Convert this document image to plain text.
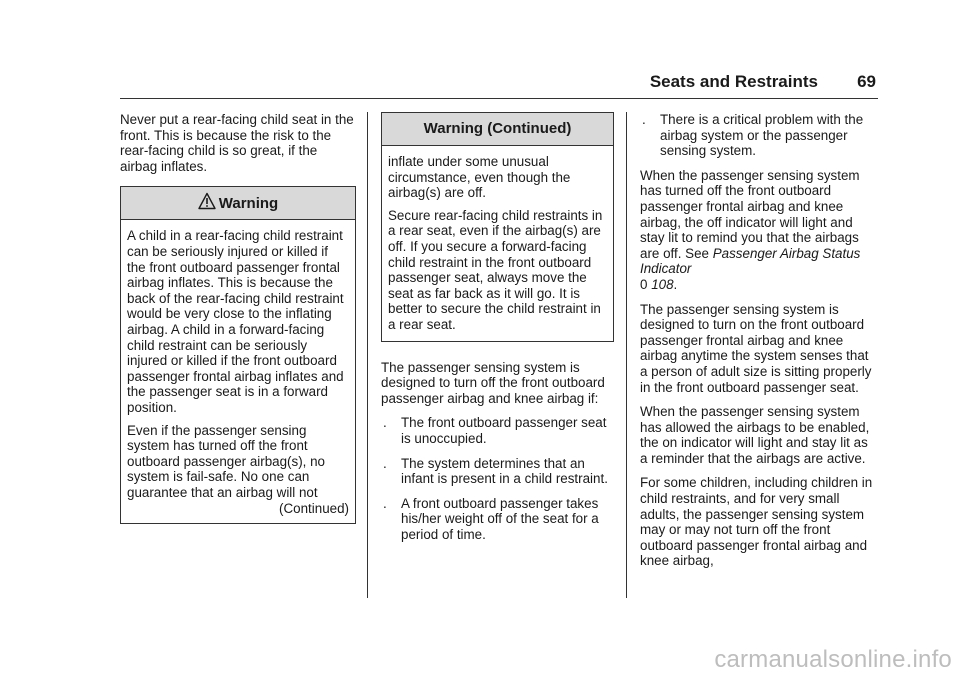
Seats and Restraints 69

Never put a rear-facing child seat in the front. This is because the risk to the rear-facing child is so great, if the airbag inflates.

Warning

A child in a rear-facing child restraint can be seriously injured or killed if the front outboard passenger frontal airbag inflates. This is because the back of the rear-facing child restraint would be very close to the inflating airbag. A child in a forward-facing child restraint can be seriously injured or killed if the front outboard passenger frontal airbag inflates and the passenger seat is in a forward position.

Even if the passenger sensing system has turned off the front outboard passenger airbag(s), no system is fail-safe. No one can guarantee that an airbag will not

(Continued)
Warning (Continued)

inflate under some unusual circumstance, even though the airbag(s) are off.

Secure rear-facing child restraints in a rear seat, even if the airbag(s) are off. If you secure a forward-facing child restraint in the front outboard passenger seat, always move the seat as far back as it will go. It is better to secure the child restraint in a rear seat.

The passenger sensing system is designed to turn off the front outboard passenger airbag and knee airbag if:

. The front outboard passenger seat is unoccupied.
. The system determines that an infant is present in a child restraint.
. A front outboard passenger takes his/her weight off of the seat for a period of time.
. There is a critical problem with the airbag system or the passenger sensing system.

When the passenger sensing system has turned off the front outboard passenger frontal airbag and knee airbag, the off indicator will light and stay lit to remind you that the airbags are off. See Passenger Airbag Status Indicator
0 108.

The passenger sensing system is designed to turn on the front outboard passenger frontal airbag and knee airbag anytime the system senses that a person of adult size is sitting properly in the front outboard passenger seat.

When the passenger sensing system has allowed the airbags to be enabled, the on indicator will light and stay lit as a reminder that the airbags are active.

For some children, including children in child restraints, and for very small adults, the passenger sensing system may or may not turn off the front outboard passenger frontal airbag and knee airbag,

carmanualsonline.info
